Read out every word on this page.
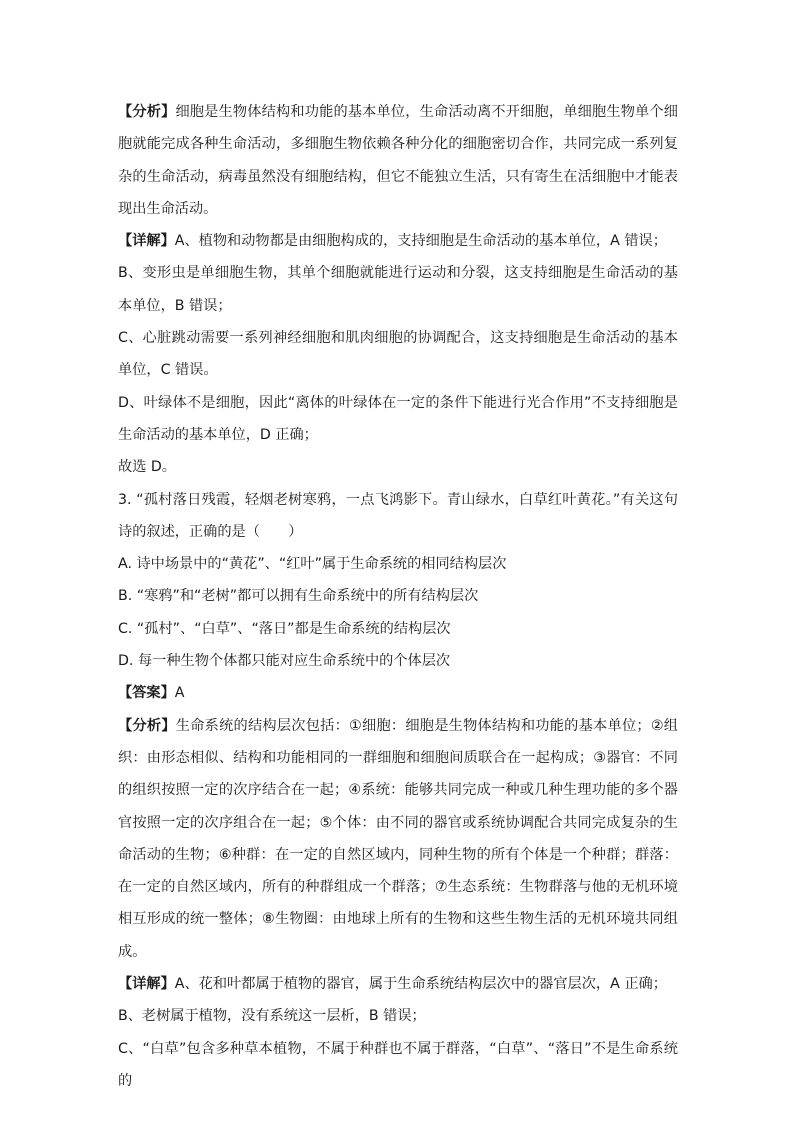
【分析】细胞是生物体结构和功能的基本单位，生命活动离不开细胞，单细胞生物单个细胞就能完成各种生命活动，多细胞生物依赖各种分化的细胞密切合作，共同完成一系列复杂的生命活动，病毒虽然没有细胞结构，但它不能独立生活，只有寄生在活细胞中才能表现出生命活动。

【详解】A、植物和动物都是由细胞构成的，支持细胞是生命活动的基本单位，A 错误；

B、变形虫是单细胞生物，其单个细胞就能进行运动和分裂，这支持细胞是生命活动的基本单位，B 错误；

C、心脏跳动需要一系列神经细胞和肌肉细胞的协调配合，这支持细胞是生命活动的基本单位，C 错误。

D、叶绿体不是细胞，因此“离体的叶绿体在一定的条件下能进行光合作用”不支持细胞是生命活动的基本单位，D 正确；

故选 D。

3. “孤村落日残霞，轻烟老树寒鸦，一点飞鸿影下。青山绿水，白草红叶黄花。”有关这句诗的叙述，正确的是（　　）

A. 诗中场景中的“黄花”、“红叶”属于生命系统的相同结构层次

B. “寒鸦”和“老树”都可以拥有生命系统中的所有结构层次

C. “孤村”、“白草”、“落日”都是生命系统的结构层次

D. 每一种生物个体都只能对应生命系统中的个体层次

【答案】A

【分析】生命系统的结构层次包括：①细胞：细胞是生物体结构和功能的基本单位；②组织：由形态相似、结构和功能相同的一群细胞和细胞间质联合在一起构成；③器官：不同的组织按照一定的次序结合在一起；④系统：能够共同完成一种或几种生理功能的多个器官按照一定的次序组合在一起；⑤个体：由不同的器官或系统协调配合共同完成复杂的生命活动的生物；⑥种群：在一定的自然区域内，同种生物的所有个体是一个种群；群落：在一定的自然区域内，所有的种群组成一个群落；⑦生态系统：生物群落与他的无机环境相互形成的统一整体；⑧生物圈：由地球上所有的生物和这些生物生活的无机环境共同组成。

【详解】A、花和叶都属于植物的器官，属于生命系统结构层次中的器官层次，A 正确；

B、老树属于植物，没有系统这一层析，B 错误；

C、“白草”包含多种草本植物，不属于种群也不属于群落，“白草”、“落日”不是生命系统的
